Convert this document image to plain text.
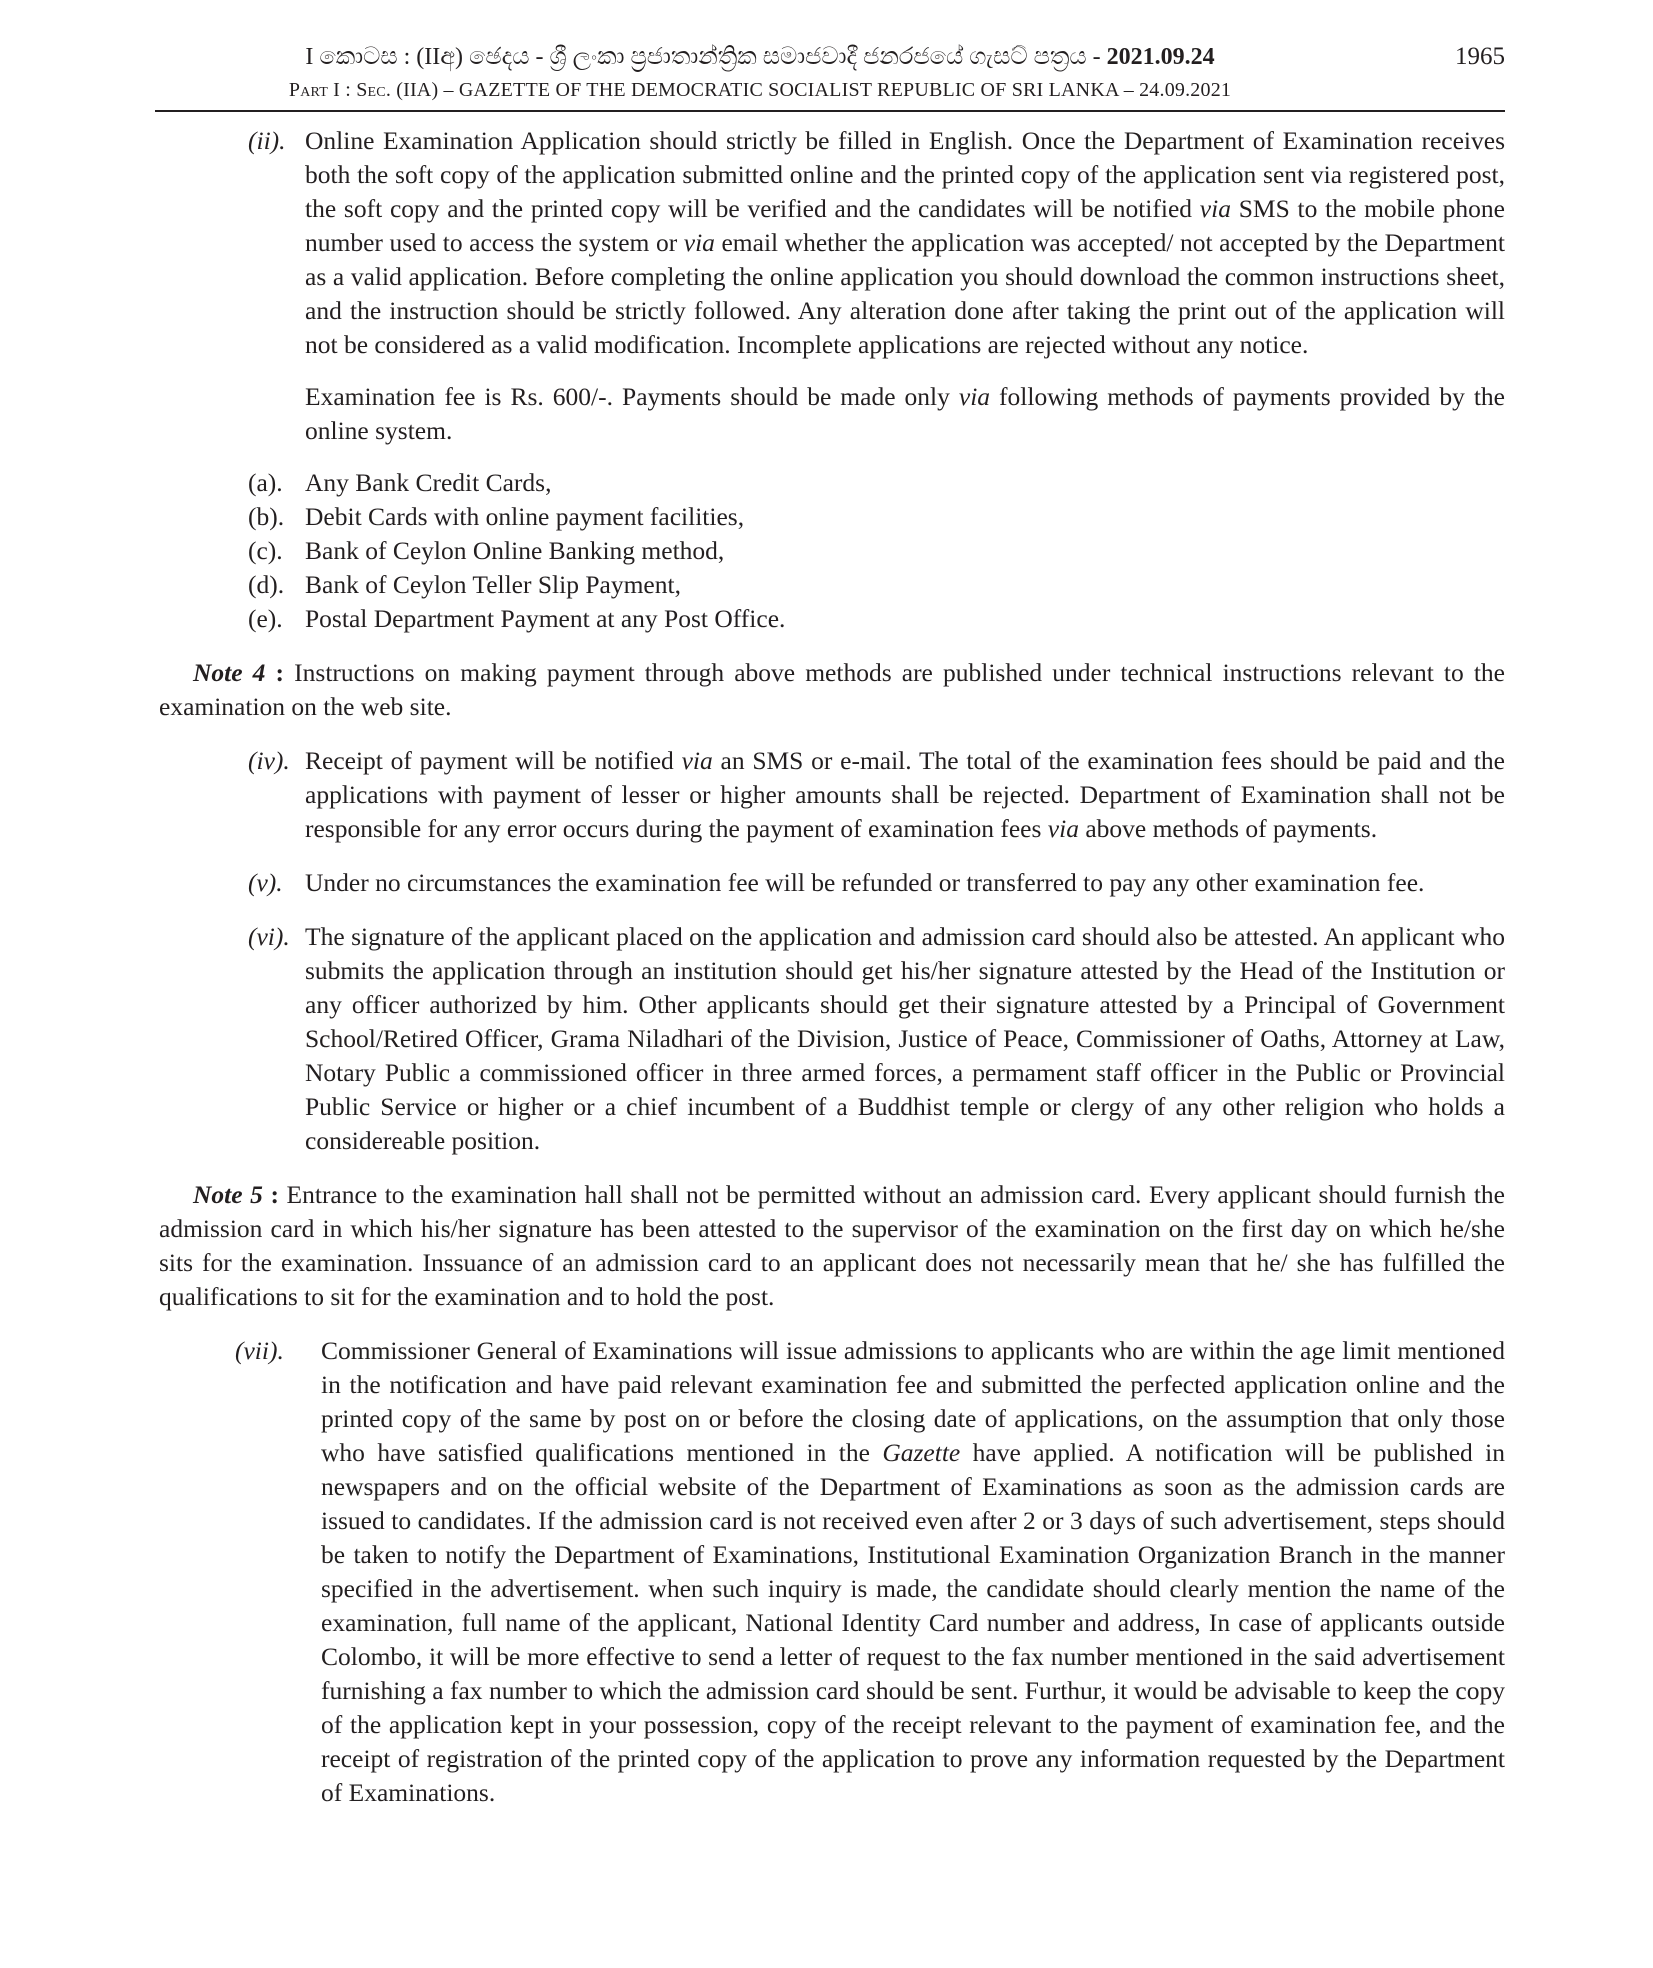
I කොටස : (IIඅ) ඡෙදය - ශ්‍රී ලංකා ප්‍රජාතාන්ත්‍රික සමාජවාදී ජනරජයේ ගැසට් පත්‍රය - 2021.09.24	1965
Part I : Sec. (IIA) – GAZETTE OF THE DEMOCRATIC SOCIALIST REPUBLIC OF SRI LANKA – 24.09.2021
(ii). Online Examination Application should strictly be filled in English. Once the Department of Examination receives both the soft copy of the application submitted online and the printed copy of the application sent via registered post, the soft copy and the printed copy will be verified and the candidates will be notified via SMS to the mobile phone number used to access the system or via email whether the application was accepted/ not accepted by the Department as a valid application. Before completing the online application you should download the common instructions sheet, and the instruction should be strictly followed. Any alteration done after taking the print out of the application will not be considered as a valid modification. Incomplete applications are rejected without any notice.
Examination fee is Rs. 600/-. Payments should be made only via following methods of payments provided by the online system.
(a). Any Bank Credit Cards,
(b). Debit Cards with online payment facilities,
(c). Bank of Ceylon Online Banking method,
(d). Bank of Ceylon Teller Slip Payment,
(e). Postal Department Payment at any Post Office.
Note 4 : Instructions on making payment through above methods are published under technical instructions relevant to the examination on the web site.
(iv). Receipt of payment will be notified via an SMS or e-mail. The total of the examination fees should be paid and the applications with payment of lesser or higher amounts shall be rejected. Department of Examination shall not be responsible for any error occurs during the payment of examination fees via above methods of payments.
(v). Under no circumstances the examination fee will be refunded or transferred to pay any other examination fee.
(vi). The signature of the applicant placed on the application and admission card should also be attested. An applicant who submits the application through an institution should get his/her signature attested by the Head of the Institution or any officer authorized by him. Other applicants should get their signature attested by a Principal of Government School/Retired Officer, Grama Niladhari of the Division, Justice of Peace, Commissioner of Oaths, Attorney at Law, Notary Public a commissioned officer in three armed forces, a permament staff officer in the Public or Provincial Public Service or higher or a chief incumbent of a Buddhist temple or clergy of any other religion who holds a considereable position.
Note 5 : Entrance to the examination hall shall not be permitted without an admission card. Every applicant should furnish the admission card in which his/her signature has been attested to the supervisor of the examination on the first day on which he/she sits for the examination. Inssuance of an admission card to an applicant does not necessarily mean that he/ she has fulfilled the qualifications to sit for the examination and to hold the post.
(vii). Commissioner General of Examinations will issue admissions to applicants who are within the age limit mentioned in the notification and have paid relevant examination fee and submitted the perfected application online and the printed copy of the same by post on or before the closing date of applications, on the assumption that only those who have satisfied qualifications mentioned in the Gazette have applied. A notification will be published in newspapers and on the official website of the Department of Examinations as soon as the admission cards are issued to candidates. If the admission card is not received even after 2 or 3 days of such advertisement, steps should be taken to notify the Department of Examinations, Institutional Examination Organization Branch in the manner specified in the advertisement. when such inquiry is made, the candidate should clearly mention the name of the examination, full name of the applicant, National Identity Card number and address, In case of applicants outside Colombo, it will be more effective to send a letter of request to the fax number mentioned in the said advertisement furnishing a fax number to which the admission card should be sent. Furthur, it would be advisable to keep the copy of the application kept in your possession, copy of the receipt relevant to the payment of examination fee, and the receipt of registration of the printed copy of the application to prove any information requested by the Department of Examinations.
